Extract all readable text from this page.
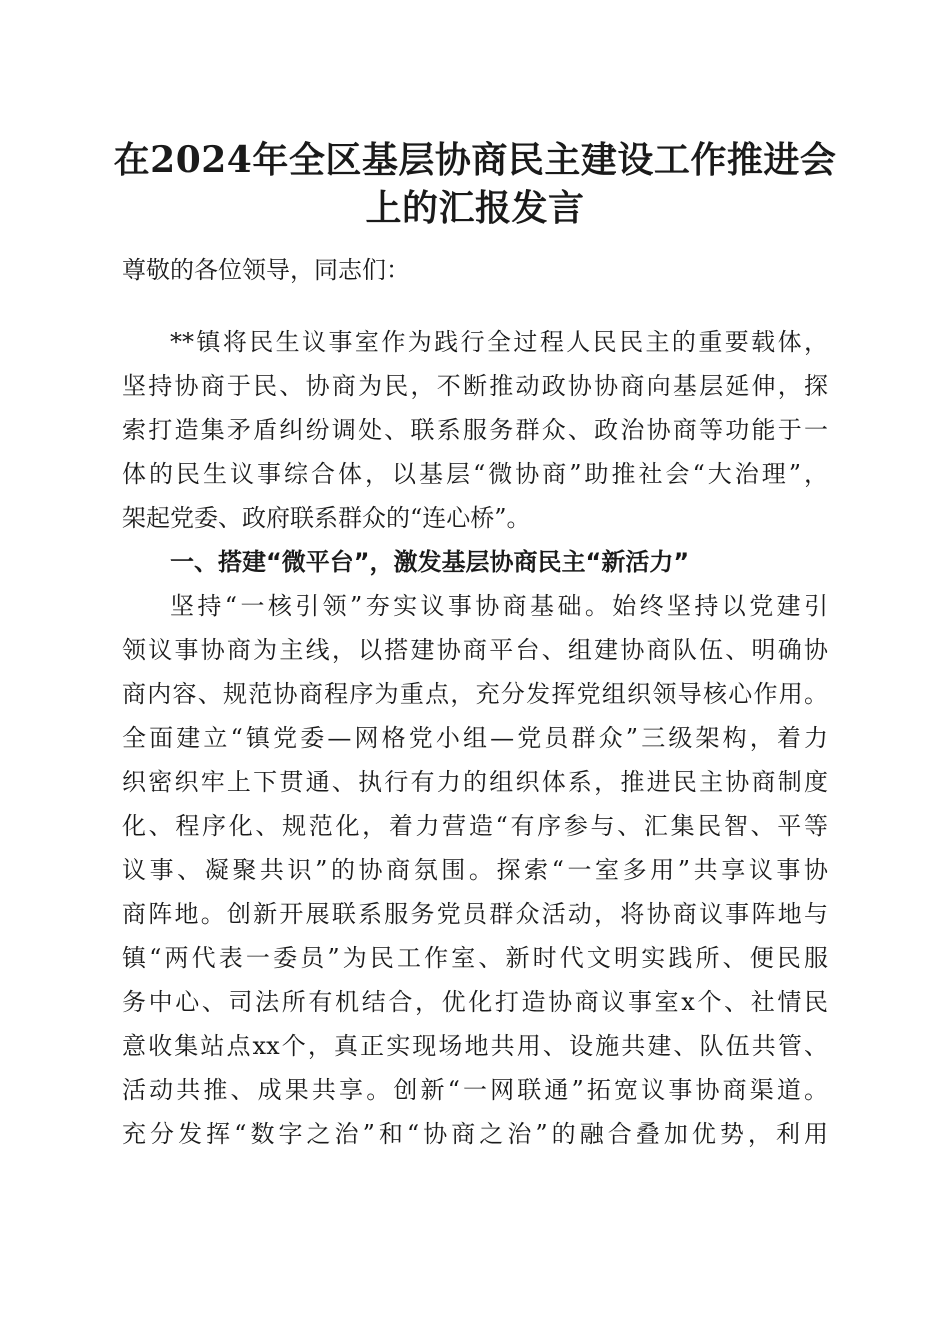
在2024年全区基层协商民主建设工作推进会
上的汇报发言
尊敬的各位领导，同志们：
**镇将民生议事室作为践行全过程人民民主的重要载体，
坚持协商于民、协商为民，不断推动政协协商向基层延伸，探
索打造集矛盾纠纷调处、联系服务群众、政治协商等功能于一
体的民生议事综合体，以基层“微协商”助推社会“大治理”，
架起党委、政府联系群众的“连心桥”。
一、搭建“微平台”，激发基层协商民主“新活力”
坚持“一核引领”夯实议事协商基础。始终坚持以党建引
领议事协商为主线，以搭建协商平台、组建协商队伍、明确协
商内容、规范协商程序为重点，充分发挥党组织领导核心作用。
全面建立“镇党委—网格党小组—党员群众”三级架构，着力
织密织牢上下贯通、执行有力的组织体系，推进民主协商制度
化、程序化、规范化，着力营造“有序参与、汇集民智、平等
议事、凝聚共识”的协商氛围。探索“一室多用”共享议事协
商阵地。创新开展联系服务党员群众活动，将协商议事阵地与
镇“两代表一委员”为民工作室、新时代文明实践所、便民服
务中心、司法所有机结合，优化打造协商议事室x个、社情民
意收集站点xx个，真正实现场地共用、设施共建、队伍共管、
活动共推、成果共享。创新“一网联通”拓宽议事协商渠道。
充分发挥“数字之治”和“协商之治”的融合叠加优势，利用
